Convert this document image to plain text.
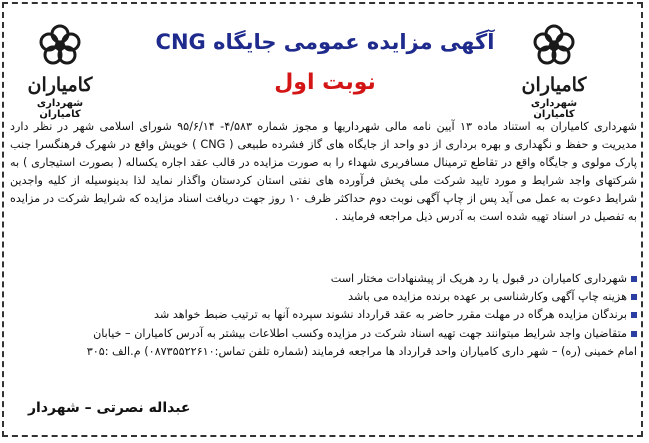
کامیاران
شهرداری کامیاران
کامیاران
شهرداری کامیاران
آگهی مزایده عمومی جایگاه CNG
نوبت اول
شهرداری کامیاران به استناد ماده ۱۳ آیین نامه مالی شهرداریها و مجوز شماره ۴/۵۸۳- ۹۵/۶/۱۴ شورای اسلامی شهر در نظر دارد مدیریت و حفظ و نگهداری و بهره برداری از دو واحد از جایگاه های گاز فشرده طبیعی ( CNG ) خویش واقع در شهرک فرهنگسرا جنب پارک مولوی و جایگاه واقع در تقاطع ترمینال مسافربری شهداء را به صورت مزایده در قالب عقد اجاره یکساله ( بصورت استیجاری ) به شرکتهای واجد شرایط و مورد تایید شرکت ملی پخش فرآورده های نفتی استان کردستان واگذار نماید لذا بدینوسیله از کلیه واجدین شرایط دعوت به عمل می آید پس از چاپ آگهی نوبت دوم حداکثر ظرف ۱۰ روز جهت دریافت اسناد مزایده که شرایط شرکت در مزایده به تفصیل در اسناد تهیه شده است به آدرس ذیل مراجعه فرمایند .
شهرداری کامیاران در قبول یا رد هریک از پیشنهادات مختار است
هزینه چاپ آگهی وکارشناسی بر عهده برنده مزایده می باشد
برندگان مزایده هرگاه در مهلت مقرر حاضر به عقد قرارداد نشوند سپرده آنها به ترتیب ضبط خواهد شد
متقاضیان واجد شرایط میتوانند جهت تهیه اسناد شرکت در مزایده وکسب اطلاعات بیشتر به آدرس کامیاران – خیابان
امام خمینی (ره) – شهر داری کامیاران واحد قرارداد ها مراجعه فرمایند (شماره تلفن تماس:۰۸۷۳۵۵۲۲۶۱۰) م.الف :۳۰۵
عبداله نصرتی – شهردار
